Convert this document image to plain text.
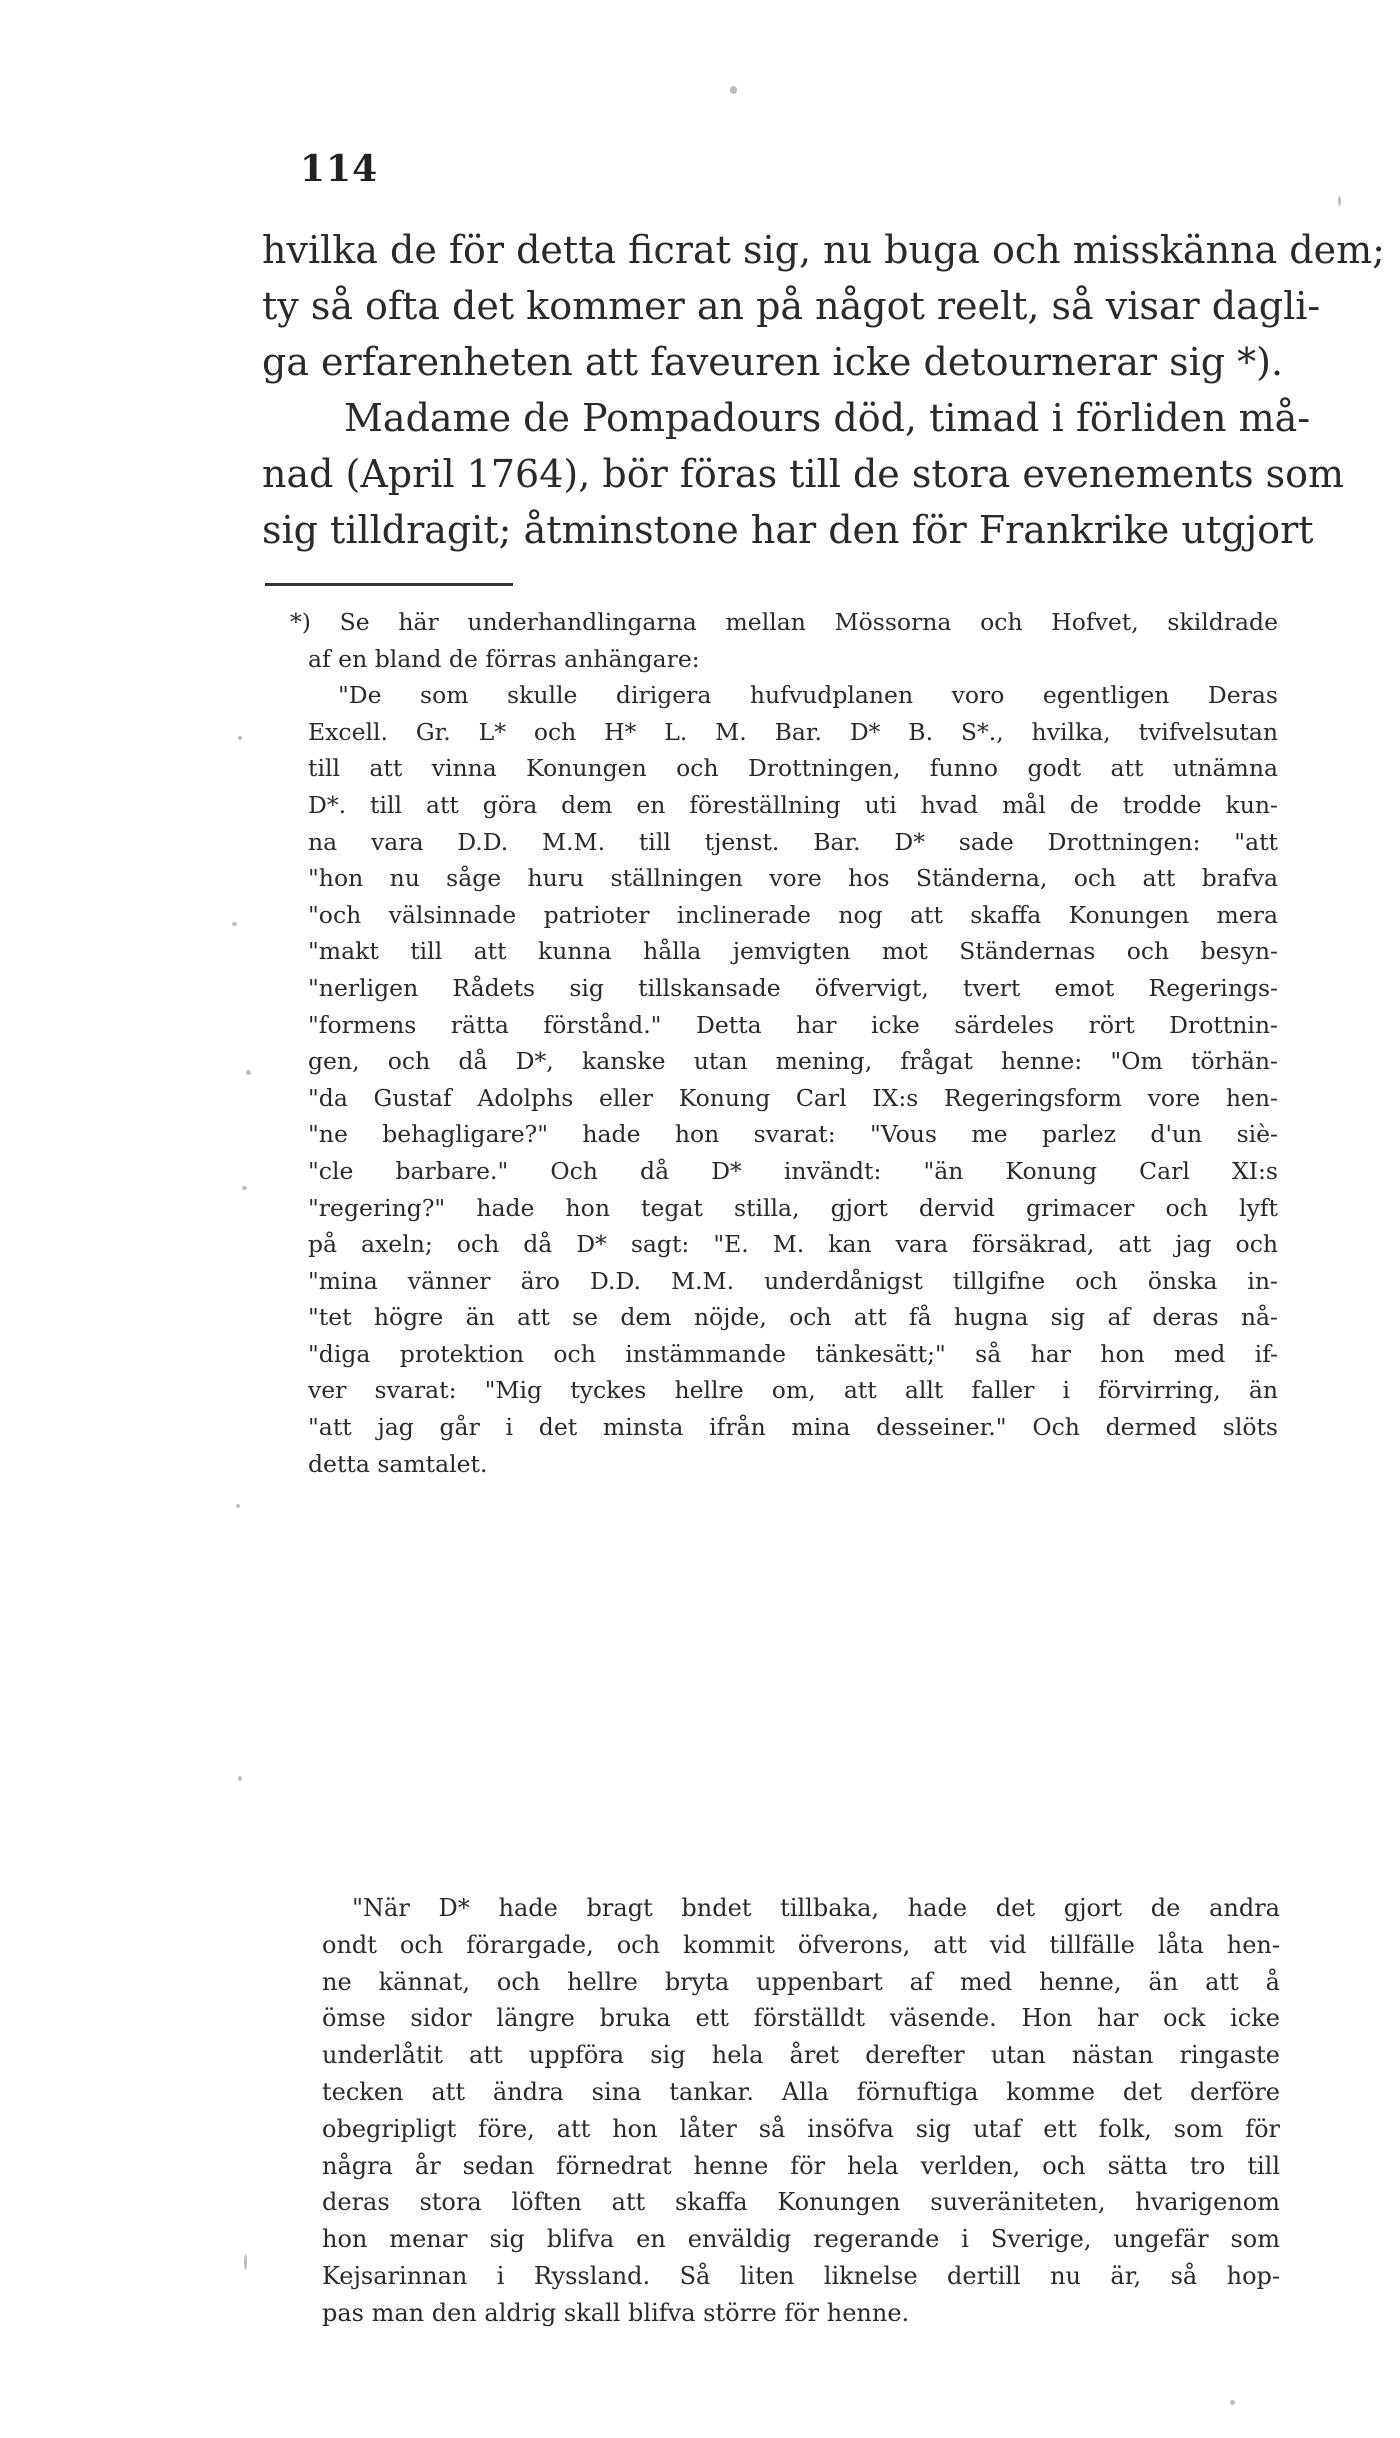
114
hvilka de för detta ficrat sig, nu buga och misskänna dem;
ty så ofta det kommer an på något reelt, så visar dagli-
ga erfarenheten att faveuren icke detournerar sig *).
Madame de Pompadours död, timad i förliden må-
nad (April 1764), bör föras till de stora evenements som
sig tilldragit; åtminstone har den för Frankrike utgjort
*) Se här underhandlingarna mellan Mössorna och Hofvet, skildrade
af en bland de förras anhängare:
"De som skulle dirigera hufvudplanen voro egentligen Deras
Excell. Gr. L* och H* L. M. Bar. D* B. S*., hvilka, tvifvelsutan
till att vinna Konungen och Drottningen, funno godt att utnämna
D*. till att göra dem en föreställning uti hvad mål de trodde kun-
na vara D.D. M.M. till tjenst. Bar. D* sade Drottningen: "att
"hon nu såge huru ställningen vore hos Ständerna, och att brafva
"och välsinnade patrioter inclinerade nog att skaffa Konungen mera
"makt till att kunna hålla jemvigten mot Ständernas och besyn-
"nerligen Rådets sig tillskansade öfvervigt, tvert emot Regerings-
"formens rätta förstånd." Detta har icke särdeles rört Drottnin-
gen, och då D*, kanske utan mening, frågat henne: "Om törhän-
"da Gustaf Adolphs eller Konung Carl IX:s Regeringsform vore hen-
"ne behagligare?" hade hon svarat: "Vous me parlez d'un siè-
"cle barbare." Och då D* invändt: "än Konung Carl XI:s
"regering?" hade hon tegat stilla, gjort dervid grimacer och lyft
på axeln; och då D* sagt: "E. M. kan vara försäkrad, att jag och
"mina vänner äro D.D. M.M. underdånigst tillgifne och önska in-
"tet högre än att se dem nöjde, och att få hugna sig af deras nå-
"diga protektion och instämmande tänkesätt;" så har hon med if-
ver svarat: "Mig tyckes hellre om, att allt faller i förvirring, än
"att jag går i det minsta ifrån mina desseiner." Och dermed slöts
detta samtalet.
"När D* hade bragt bndet tillbaka, hade det gjort de andra
ondt och förargade, och kommit öfverons, att vid tillfälle låta hen-
ne kännat, och hellre bryta uppenbart af med henne, än att å
ömse sidor längre bruka ett förställdt väsende. Hon har ock icke
underlåtit att uppföra sig hela året derefter utan nästan ringaste
tecken att ändra sina tankar. Alla förnuftiga komme det derföre
obegripligt före, att hon låter så insöfva sig utaf ett folk, som för
några år sedan förnedrat henne för hela verlden, och sätta tro till
deras stora löften att skaffa Konungen suveräniteten, hvarigenom
hon menar sig blifva en enväldig regerande i Sverige, ungefär som
Kejsarinnan i Ryssland. Så liten liknelse dertill nu är, så hop-
pas man den aldrig skall blifva större för henne.
